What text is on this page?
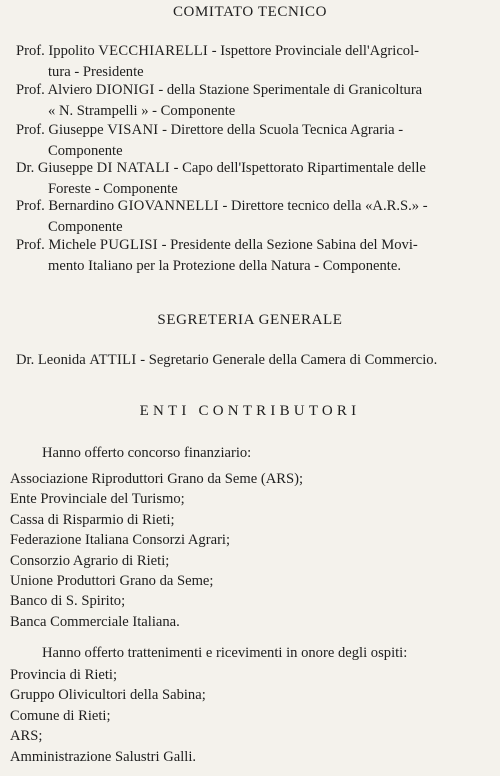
COMITATO TECNICO
Prof. Ippolito VECCHIARELLI - Ispettore Provinciale dell'Agricol-
tura - Presidente
Prof. Alviero DIONIGI - della Stazione Sperimentale di Granicoltura
« N. Strampelli » - Componente
Prof. Giuseppe VISANI - Direttore della Scuola Tecnica Agraria -
Componente
Dr. Giuseppe DI NATALI - Capo dell'Ispettorato Ripartimentale delle
Foreste - Componente
Prof. Bernardino GIOVANNELLI - Direttore tecnico della «A.R.S.» -
Componente
Prof. Michele PUGLISI - Presidente della Sezione Sabina del Movi-
mento Italiano per la Protezione della Natura - Componente.
SEGRETERIA GENERALE
Dr. Leonida ATTILI - Segretario Generale della Camera di Commercio.
ENTI CONTRIBUTORI
Hanno offerto concorso finanziario:
Associazione Riproduttori Grano da Seme (ARS);
Ente Provinciale del Turismo;
Cassa di Risparmio di Rieti;
Federazione Italiana Consorzi Agrari;
Consorzio Agrario di Rieti;
Unione Produttori Grano da Seme;
Banco di S. Spirito;
Banca Commerciale Italiana.
Hanno offerto trattenimenti e ricevimenti in onore degli ospiti:
Provincia di Rieti;
Gruppo Olivicultori della Sabina;
Comune di Rieti;
ARS;
Amministrazione Salustri Galli.
